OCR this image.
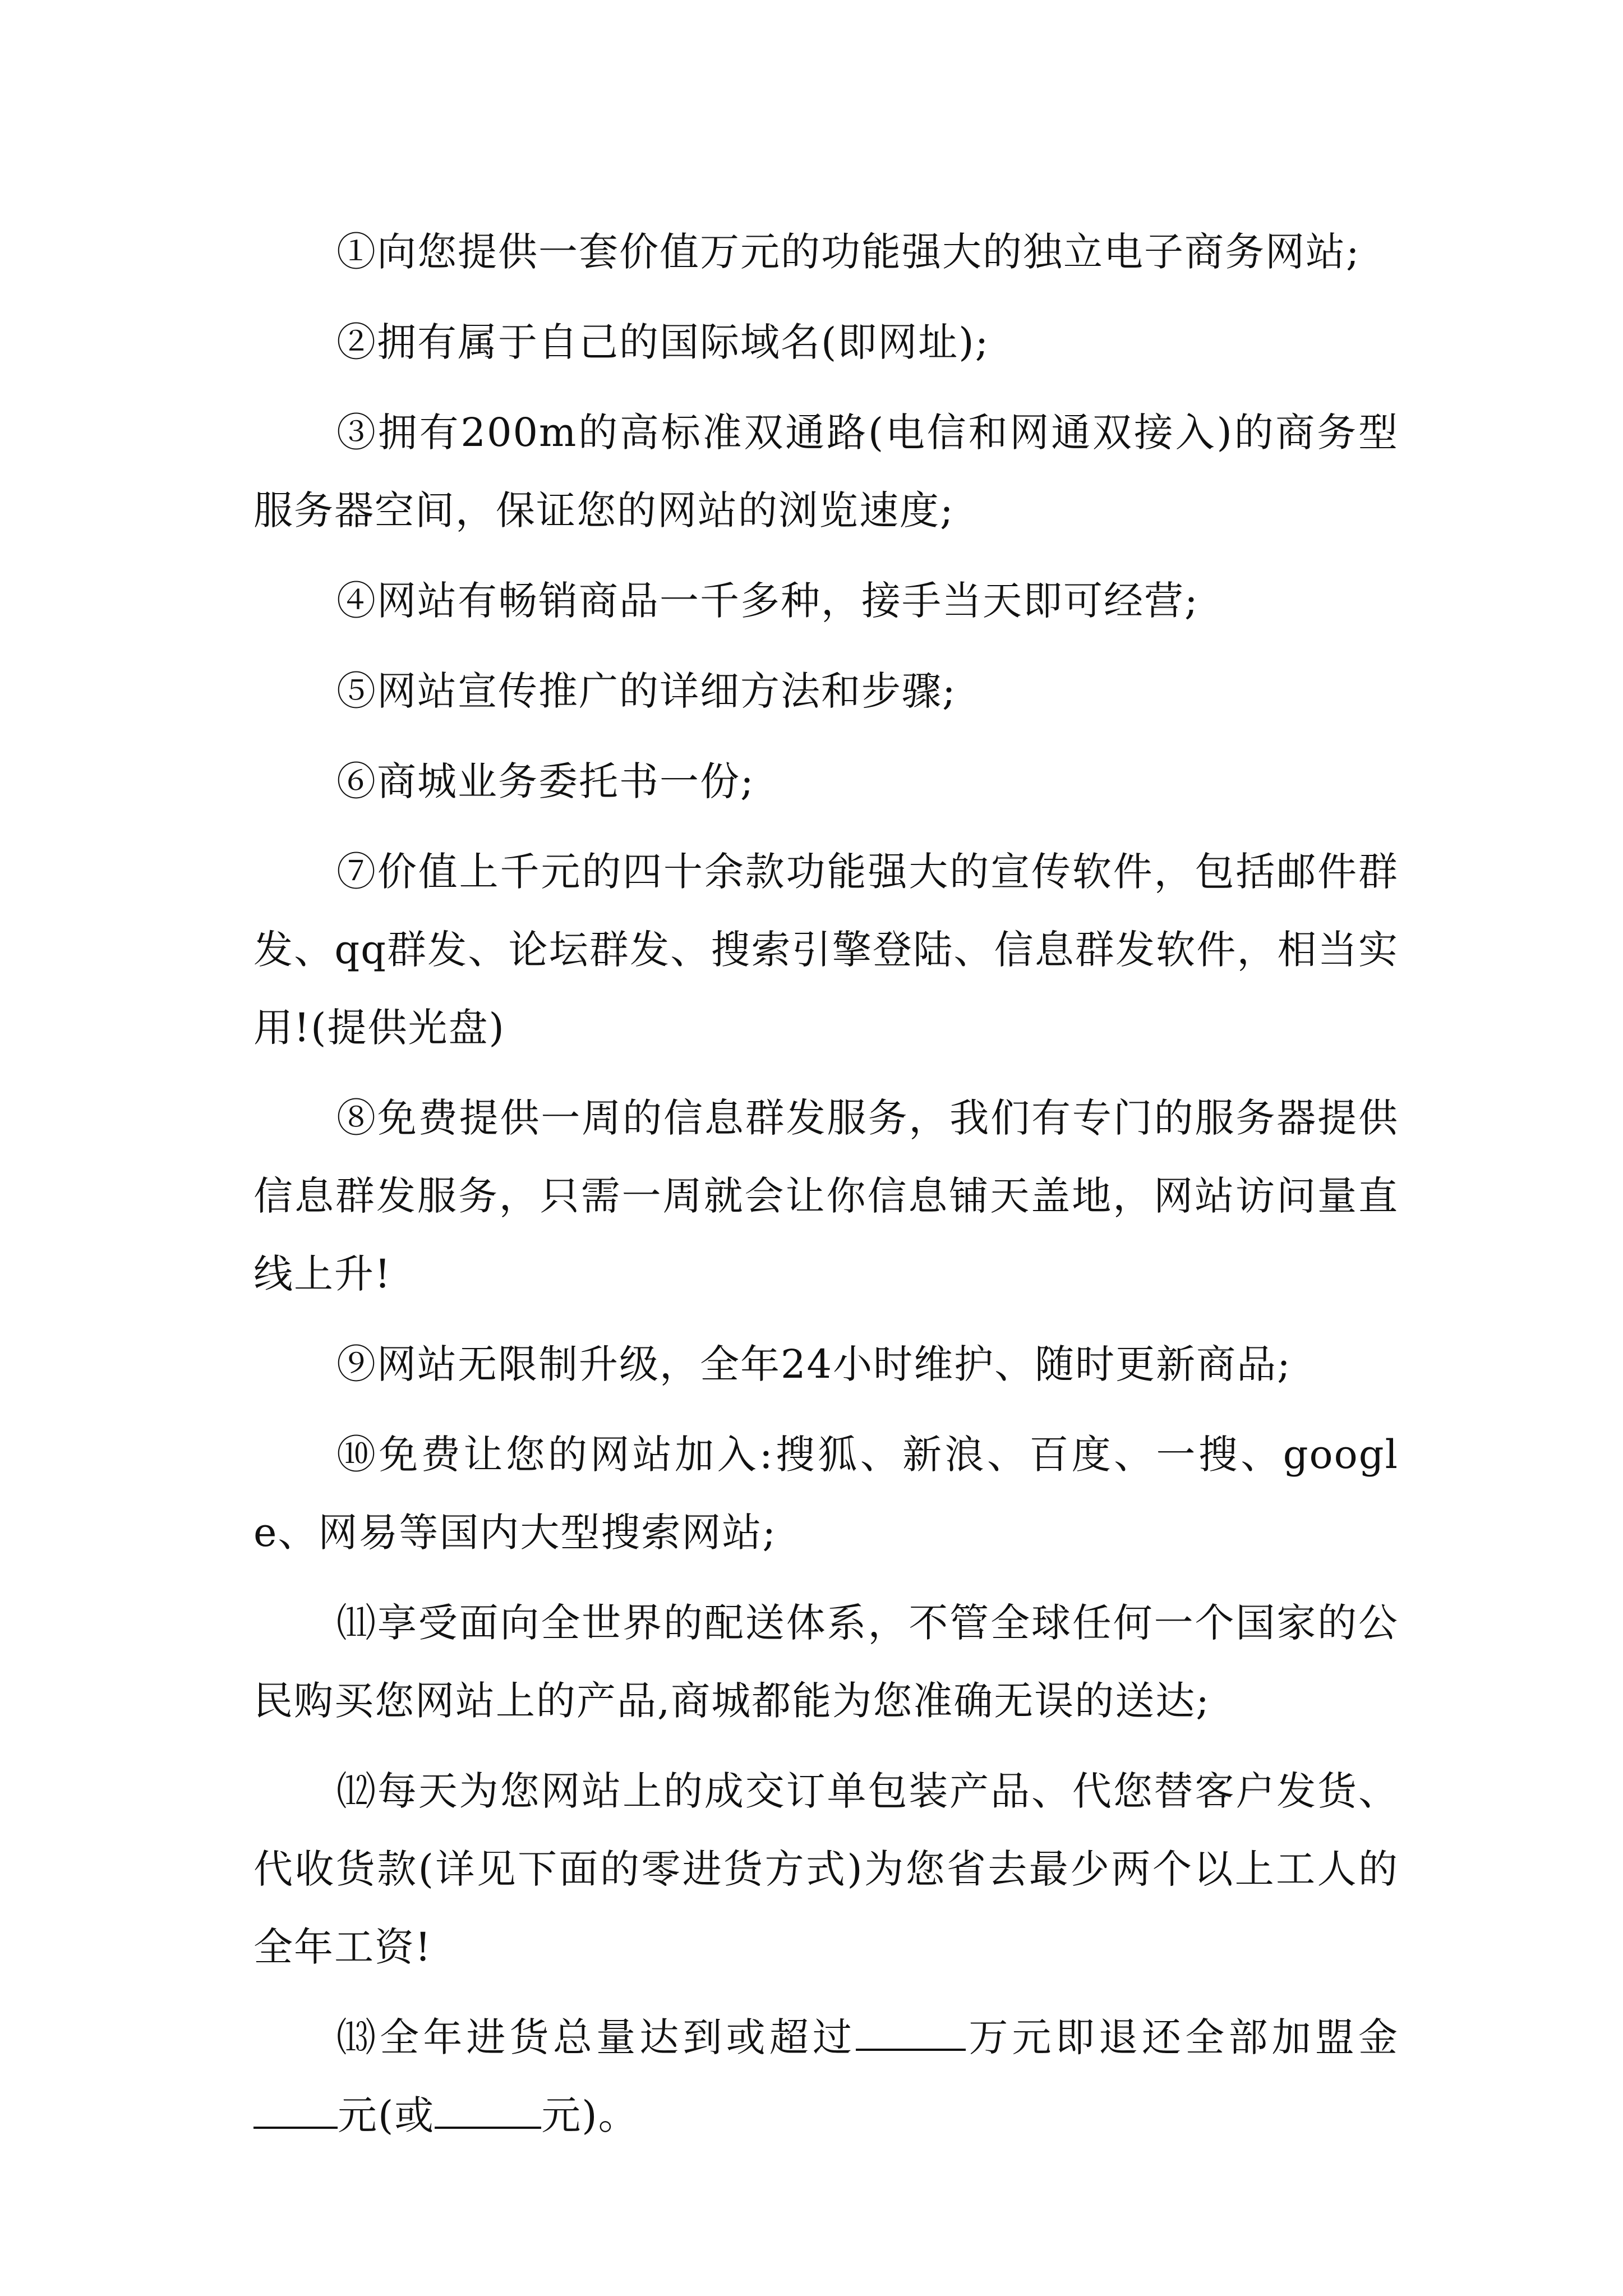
①向您提供一套价值万元的功能强大的独立电子商务网站;

②拥有属于自己的国际域名(即网址);

③拥有200m的高标准双通路(电信和网通双接入)的商务型服务器空间，保证您的网站的浏览速度;

④网站有畅销商品一千多种，接手当天即可经营;

⑤网站宣传推广的详细方法和步骤;

⑥商城业务委托书一份;

⑦价值上千元的四十余款功能强大的宣传软件，包括邮件群发、qq群发、论坛群发、搜索引擎登陆、信息群发软件，相当实用!(提供光盘)

⑧免费提供一周的信息群发服务，我们有专门的服务器提供信息群发服务，只需一周就会让你信息铺天盖地，网站访问量直线上升!

⑨网站无限制升级，全年24小时维护、随时更新商品;

⑩免费让您的网站加入:搜狐、新浪、百度、一搜、google、网易等国内大型搜索网站;

⑾享受面向全世界的配送体系，不管全球任何一个国家的公民购买您网站上的产品,商城都能为您准确无误的送达;

⑿每天为您网站上的成交订单包装产品、代您替客户发货、代收货款(详见下面的零进货方式)为您省去最少两个以上工人的全年工资!

⒀全年进货总量达到或超过	万元即退还全部加盟金元(或	元)。
